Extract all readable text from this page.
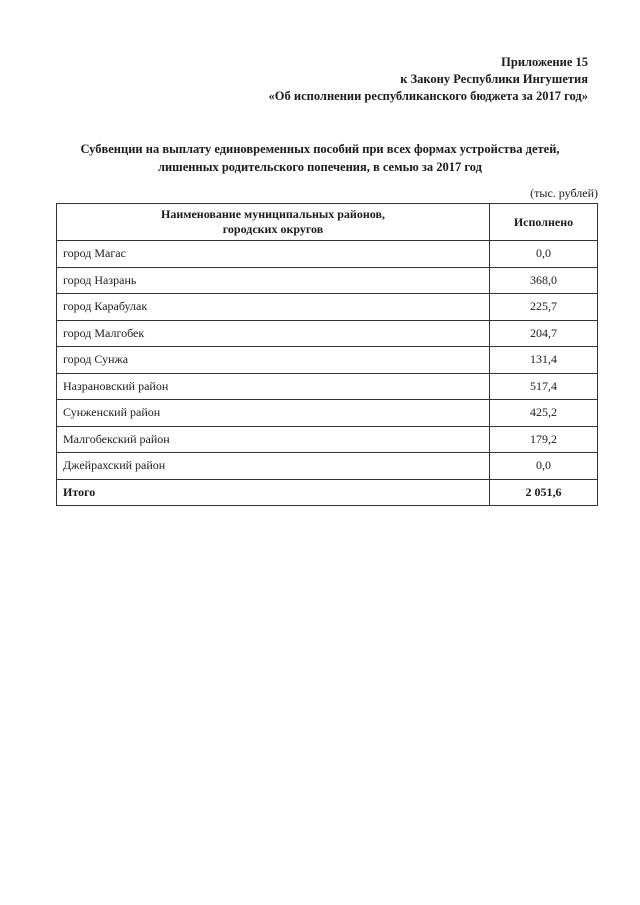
Приложение 15
к Закону Республики Ингушетия
«Об исполнении республиканского бюджета за 2017 год»
Субвенции на выплату единовременных пособий при всех формах устройства детей,
лишенных родительского попечения, в семью за 2017 год
(тыс. рублей)
Наименование муниципальных районов,
городских округов	Исполнено
город Магас	0,0
город Назрань	368,0
город Карабулак	225,7
город Малгобек	204,7
город Сунжа	131,4
Назрановский район	517,4
Сунженский район	425,2
Малгобекский район	179,2
Джейрахский район	0,0
Итого	2 051,6
